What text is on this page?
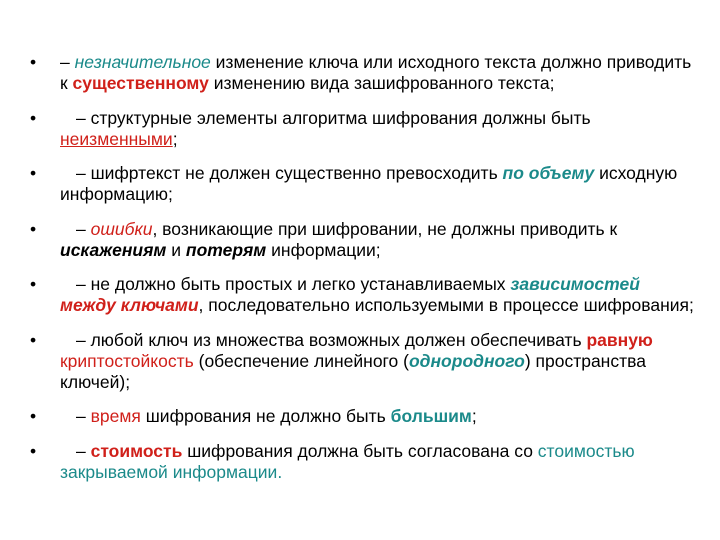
•	– незначительное изменение ключа или исходного текста должно приводить к существенному изменению вида зашифрованного текста;
•	– структурные элементы алгоритма шифрования должны быть неизменными;
•	– шифртекст не должен существенно превосходить по объему исходную информацию;
•	– ошибки, возникающие при шифровании, не должны приводить к искажениям и потерям информации;
•	– не должно быть простых и легко устанавливаемых зависимостей между ключами, последовательно используемыми в процессе шифрования;
•	– любой ключ из множества возможных должен обеспечивать равную криптостойкость (обеспечение линейного (однородного) пространства ключей);
•	– время шифрования не должно быть большим;
•	– стоимость шифрования должна быть согласована со стоимостью закрываемой информации.
